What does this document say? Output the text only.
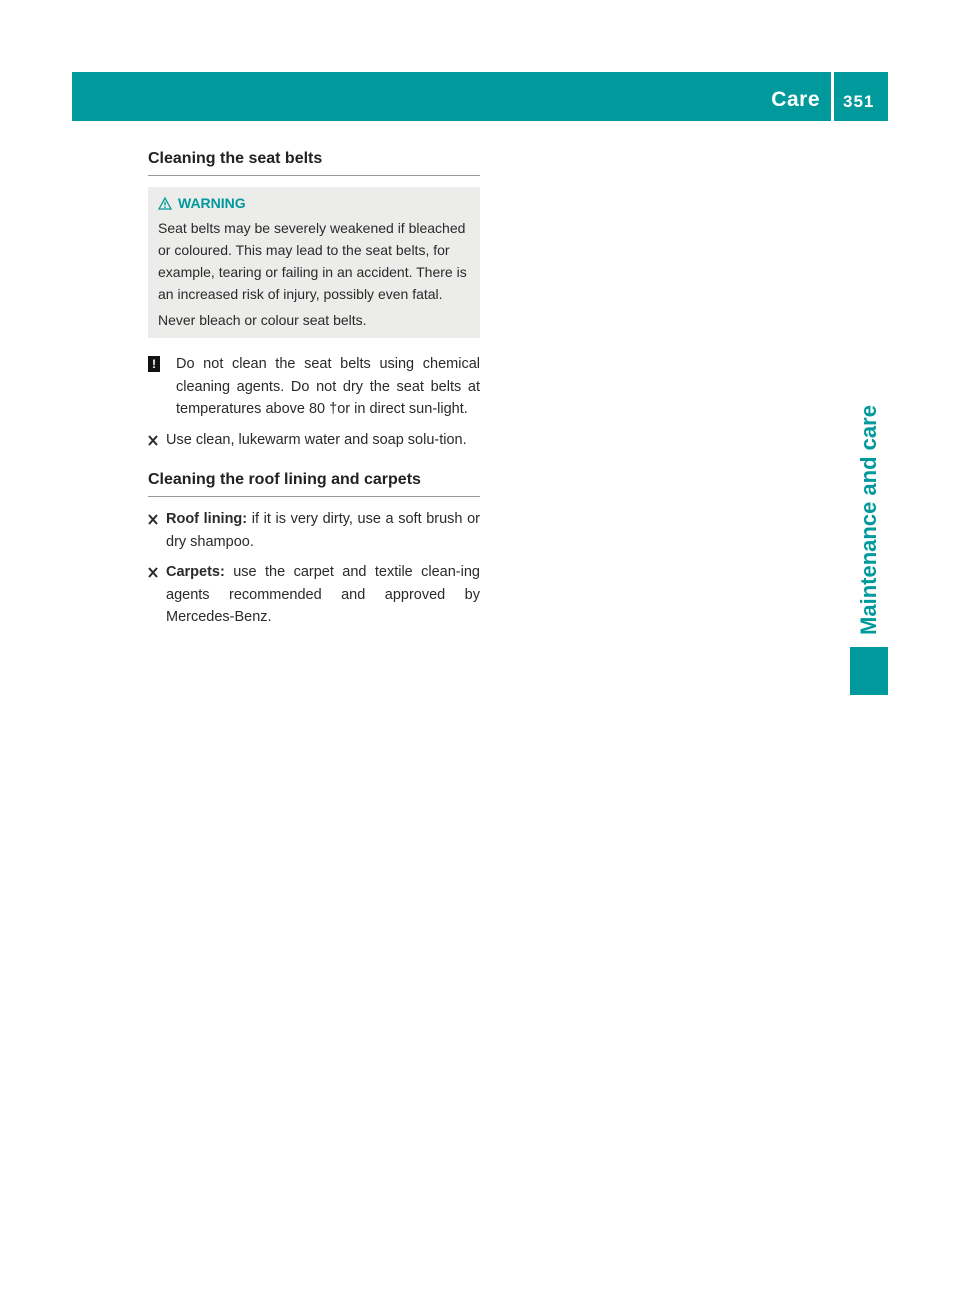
Care 351
Maintenance and care
Cleaning the seat belts
WARNING
Seat belts may be severely weakened if bleached or coloured. This may lead to the seat belts, for example, tearing or failing in an accident. There is an increased risk of injury, possibly even fatal.
Never bleach or colour seat belts.
! Do not clean the seat belts using chemical cleaning agents. Do not dry the seat belts at temperatures above 80 †or in direct sun-light.
Use clean, lukewarm water and soap solu-tion.
Cleaning the roof lining and carpets
Roof lining: if it is very dirty, use a soft brush or dry shampoo.
Carpets: use the carpet and textile clean-ing agents recommended and approved by Mercedes-Benz.
